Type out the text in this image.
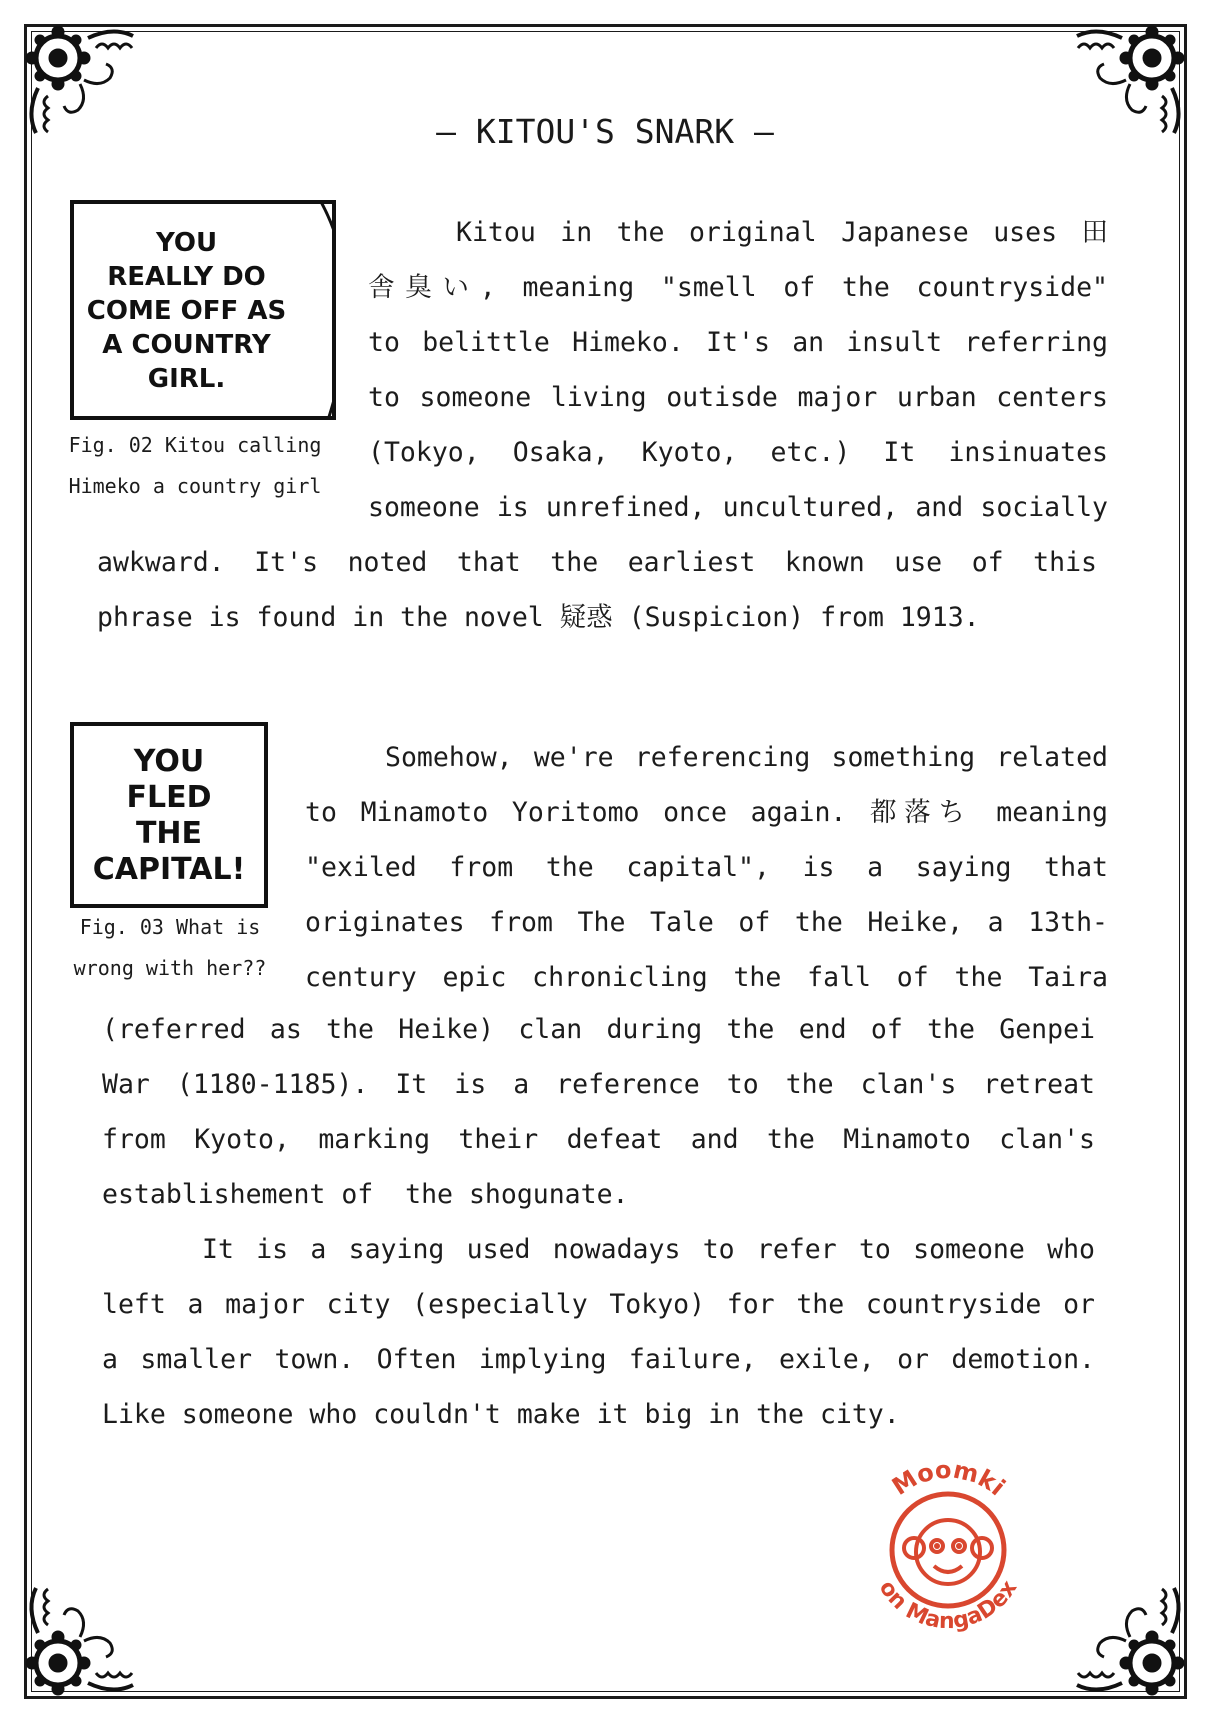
— KITOU'S SNARK —
YOU
REALLY DO
COME OFF AS
A COUNTRY
GIRL.
Fig. 02 Kitou calling
Himeko a country girl
Kitou in the original Japanese uses 田
舎臭い, meaning "smell of the countryside"
to belittle Himeko. It's an insult referring
to someone living outisde major urban centers
(Tokyo, Osaka, Kyoto, etc.) It insinuates
someone is unrefined, uncultured, and socially
awkward. It's noted that the earliest known use of this
phrase is found in the novel 疑惑 (Suspicion) from 1913.
YOU
FLED
THE
CAPITAL!
Fig. 03 What is
wrong with her??
Somehow, we're referencing something related
to Minamoto Yoritomo once again. 都落ち meaning
"exiled from the capital", is a saying that
originates from The Tale of the Heike, a 13th-
century epic chronicling the fall of the Taira
(referred as the Heike) clan during the end of the Genpei
War (1180-1185). It is a reference to the clan's retreat
from Kyoto, marking their defeat and the Minamoto clan's
establishement of  the shogunate.
It is a saying used nowadays to refer to someone who
left a major city (especially Tokyo) for the countryside or
a smaller town. Often implying failure, exile, or demotion.
Like someone who couldn't make it big in the city.
Moomki
on MangaDex
